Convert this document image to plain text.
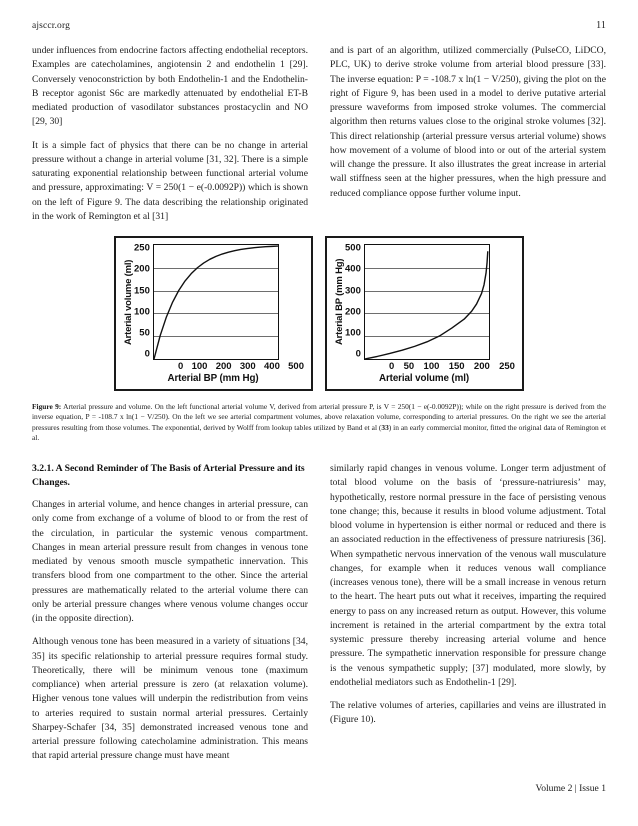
ajsccr.org	11

under influences from endocrine factors affecting endothelial receptors. Examples are catecholamines, angiotensin 2 and endothelin 1 [29]. Conversely venoconstriction by both Endothelin-1 and the Endothelin-B receptor agonist S6c are markedly attenuated by endothelial ET-B mediated production of vasodilator substances prostacyclin and NO [29, 30]

It is a simple fact of physics that there can be no change in arterial pressure without a change in arterial volume [31, 32]. There is a simple saturating exponential relationship between functional arterial volume and pressure, approximating: V = 250(1 − e(-0.0092P)) which is shown on the left of Figure 9. The data describing the relationship originated in the work of Remington et al [31]

and is part of an algorithm, utilized commercially (PulseCO, LiDCO, PLC, UK) to derive stroke volume from arterial blood pressure [33]. The inverse equation: P = -108.7 x ln(1 − V/250), giving the plot on the right of Figure 9, has been used in a model to derive putative arterial pressure waveforms from imposed stroke volumes. The commercial algorithm then returns values close to the original stroke volumes [32]. This direct relationship (arterial pressure versus arterial volume) shows how movement of a volume of blood into or out of the arterial system will change the pressure. It also illustrates the great increase in arterial wall stiffness seen at the higher pressures, when the high pressure and reduced compliance oppose further volume input.

Arterial volume (ml)
250
200
150
100
50
0
0 100 200 300 400 500
Arterial BP (mm Hg)
Arterial BP (mm Hg)
500
400
300
200
100
0
0 50 100 150 200 250
Arterial volume (ml)
Figure 9: Arterial pressure and volume. On the left functional arterial volume V, derived from arterial pressure P, is V = 250(1 − e(-0.0092P)); while on the right pressure is derived from the inverse equation, P = -108.7 x ln(1 − V/250). On the left we see arterial compartment volumes, above relaxation volume, corresponding to arterial pressures. On the right we see the arterial pressures resulting from those volumes. The exponential, derived by Wolff from lookup tables utilized by Band et al (33) in an early commercial monitor, fitted the original data of Remington et al.
3.2.1. A Second Reminder of The Basis of Arterial Pressure and its Changes.

Changes in arterial volume, and hence changes in arterial pressure, can only come from exchange of a volume of blood to or from the rest of the circulation, in particular the systemic venous compartment. Changes in mean arterial pressure result from changes in venous tone mediated by venous smooth muscle sympathetic innervation. This transfers blood from one compartment to the other. Since the arterial pressures are mathematically related to the arterial volume there can only be arterial pressure changes where venous volume changes occur (in the opposite direction).

Although venous tone has been measured in a variety of situations [34, 35] its specific relationship to arterial pressure requires formal study. Theoretically, there will be minimum venous tone (maximum compliance) when arterial pressure is zero (at relaxation volume). Higher venous tone values will underpin the redistribution from veins to arteries required to sustain normal arterial pressures. Certainly Sharpey-Schafer [34, 35] demonstrated increased venous tone and arterial pressure following catecholamine administration. This means that rapid arterial pressure change must have meant

similarly rapid changes in venous volume. Longer term adjustment of total blood volume on the basis of ‘pressure-natriuresis’ may, hypothetically, restore normal pressure in the face of persisting venous tone change; this, because it results in blood volume adjustment. Total blood volume in hypertension is either normal or reduced and there is an associated reduction in the effectiveness of pressure natriuresis [36]. When sympathetic nervous innervation of the venous wall musculature changes, for example when it reduces venous wall compliance (increases venous tone), there will be a small increase in venous return to the heart. The heart puts out what it receives, imparting the required energy to pass on any increased return as output. However, this volume increment is retained in the arterial compartment by the extra total systemic pressure thereby increasing arterial volume and hence pressure. The sympathetic innervation responsible for pressure change is the venous sympathetic supply; [37] modulated, more slowly, by endothelial mediators such as Endothelin-1 [29].

The relative volumes of arteries, capillaries and veins are illustrated in (Figure 10).

Volume 2 | Issue 1
